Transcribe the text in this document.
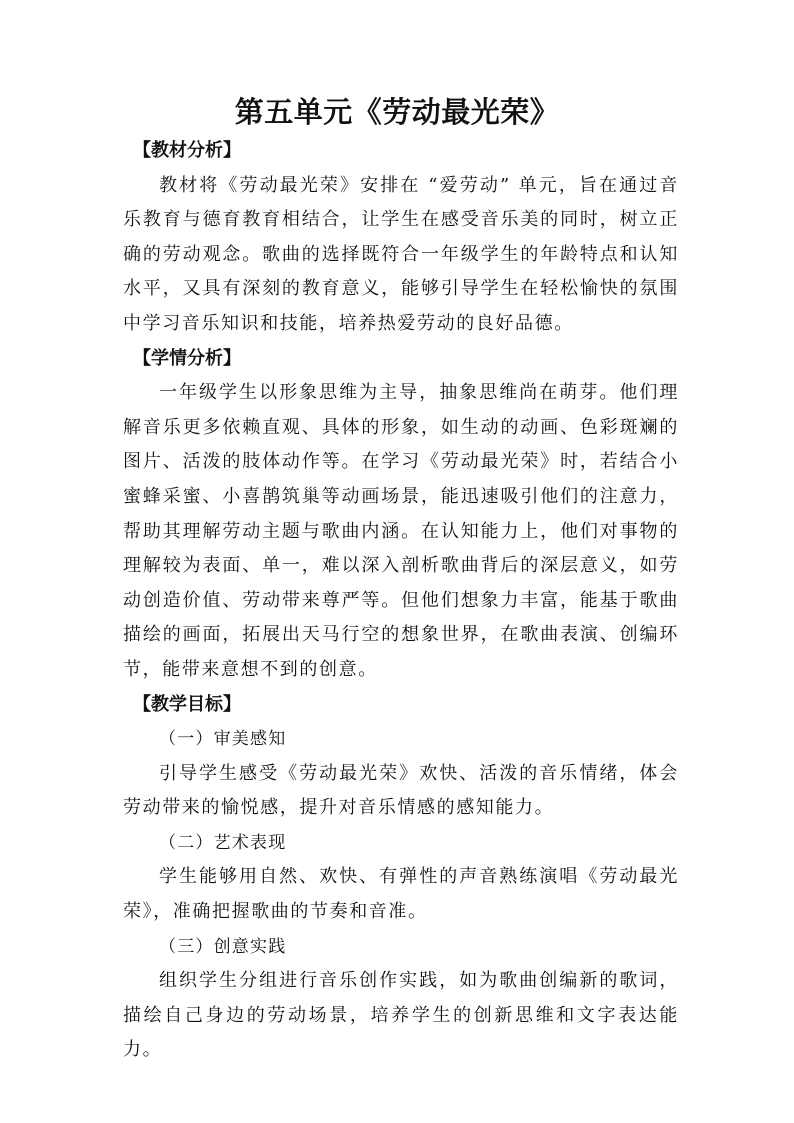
第五单元《劳动最光荣》

【教材分析】

教材将《劳动最光荣》安排在 “爱劳动” 单元，旨在通过音乐教育与德育教育相结合，让学生在感受音乐美的同时，树立正确的劳动观念。歌曲的选择既符合一年级学生的年龄特点和认知水平，又具有深刻的教育意义，能够引导学生在轻松愉快的氛围中学习音乐知识和技能，培养热爱劳动的良好品德。

【学情分析】

一年级学生以形象思维为主导，抽象思维尚在萌芽。他们理解音乐更多依赖直观、具体的形象，如生动的动画、色彩斑斓的图片、活泼的肢体动作等。在学习《劳动最光荣》时，若结合小蜜蜂采蜜、小喜鹊筑巢等动画场景，能迅速吸引他们的注意力，帮助其理解劳动主题与歌曲内涵。在认知能力上，他们对事物的理解较为表面、单一，难以深入剖析歌曲背后的深层意义，如劳动创造价值、劳动带来尊严等。但他们想象力丰富，能基于歌曲描绘的画面，拓展出天马行空的想象世界，在歌曲表演、创编环节，能带来意想不到的创意。

【教学目标】

（一）审美感知

引导学生感受《劳动最光荣》欢快、活泼的音乐情绪，体会劳动带来的愉悦感，提升对音乐情感的感知能力。

（二）艺术表现

学生能够用自然、欢快、有弹性的声音熟练演唱《劳动最光荣》，准确把握歌曲的节奏和音准。

（三）创意实践

组织学生分组进行音乐创作实践，如为歌曲创编新的歌词，描绘自己身边的劳动场景，培养学生的创新思维和文字表达能力。
